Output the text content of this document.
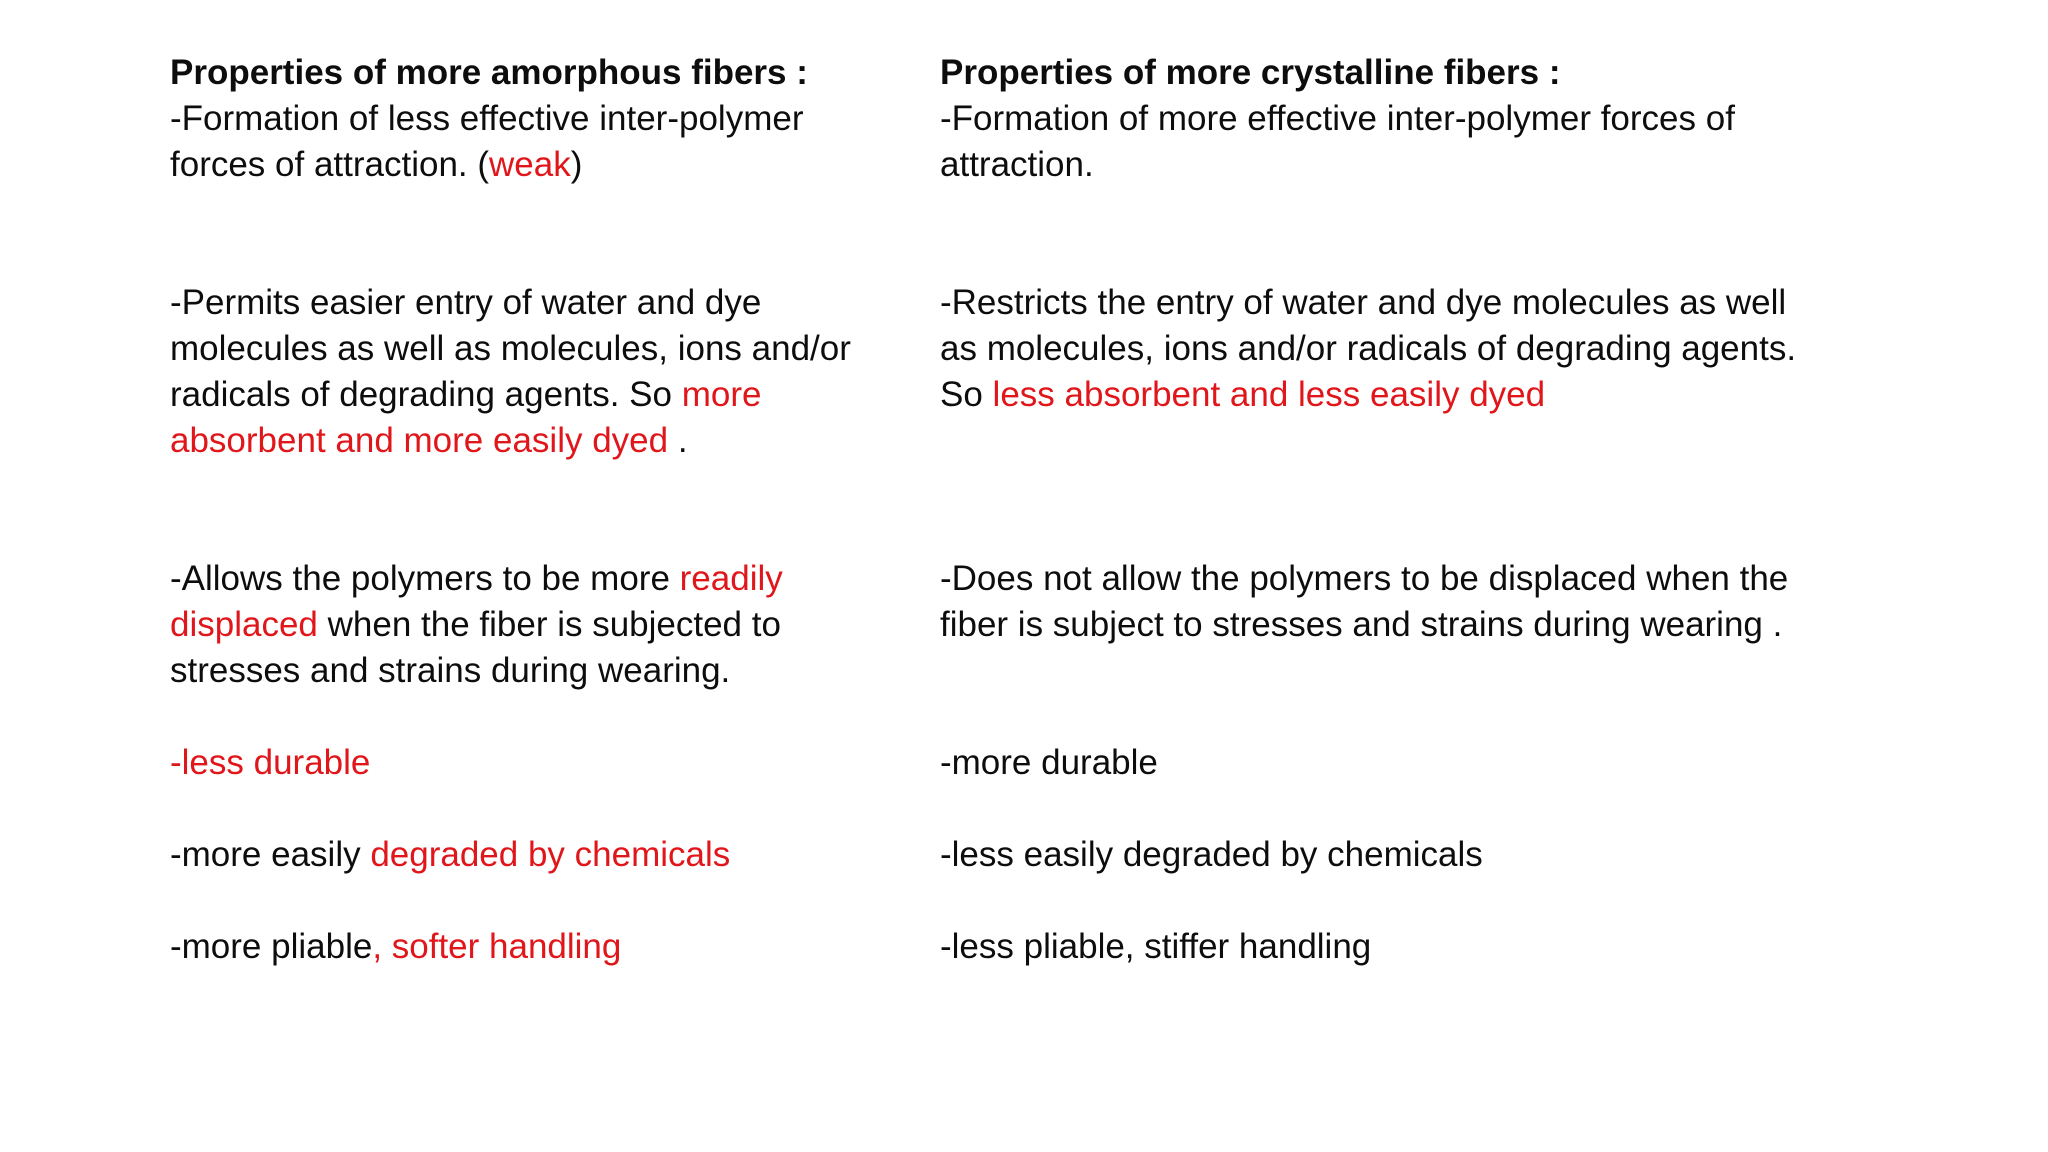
Properties of more amorphous fibers :

-Formation of less effective inter-polymer forces of attraction. (weak)

-Permits easier entry of water and dye molecules as well as molecules, ions and/or radicals of degrading agents. So more absorbent and more easily dyed .

-Allows the polymers to be more readily displaced when the fiber is subjected to stresses and strains during wearing.

-less durable

-more easily degraded by chemicals

-more pliable, softer handling

Properties of more crystalline fibers :

-Formation of more effective inter-polymer forces of attraction.

-Restricts the entry of water and dye molecules as well as molecules, ions and/or radicals of degrading agents. So less absorbent and less easily dyed

-Does not allow the polymers to be displaced when the fiber is subject to stresses and strains during wearing .

-more durable

-less easily degraded by chemicals

-less pliable, stiffer handling
